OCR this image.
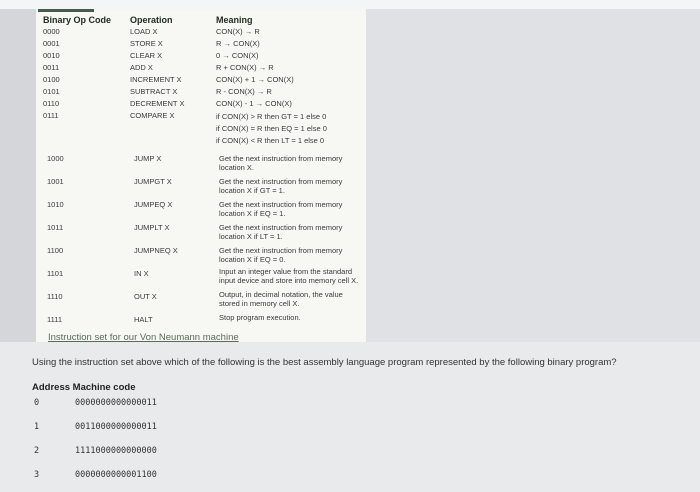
Binary Op Code Operation	Meaning
0000	LOAD X	CON(X) → R
0001	STORE X	R → CON(X)
0010	CLEAR X	0 → CON(X)
0011	ADD X	R + CON(X) → R
0100	INCREMENT X	CON(X) + 1 → CON(X)
0101	SUBTRACT X	R - CON(X) → R
0110	DECREMENT X	CON(X) - 1 → CON(X)
0111	COMPARE X	if CON(X) > R then GT = 1 else 0 if CON(X) = R then EQ = 1 else 0 if CON(X) < R then LT = 1 else 0
1000	JUMP X	Get the next instruction from memory location X.
1001	JUMPGT X	Get the next instruction from memory location X if GT = 1.
1010	JUMPEQ X	Get the next instruction from memory location X if EQ = 1.
1011	JUMPLT X	Get the next instruction from memory location X if LT = 1.
1100	JUMPNEQ X	Get the next instruction from memory location X if EQ = 0.
1101	IN X	Input an integer value from the standard input device and store into memory cell X.
1110	OUT X	Output, in decimal notation, the value stored in memory cell X.
1111	HALT	Stop program execution.
Instruction set for our Von Neumann machine
Using the instruction set above which of the following is the best assembly language program represented by the following binary program?
Address Machine code
0	0000000000000011
1	0011000000000011
2	1111000000000000
3	0000000000001100
